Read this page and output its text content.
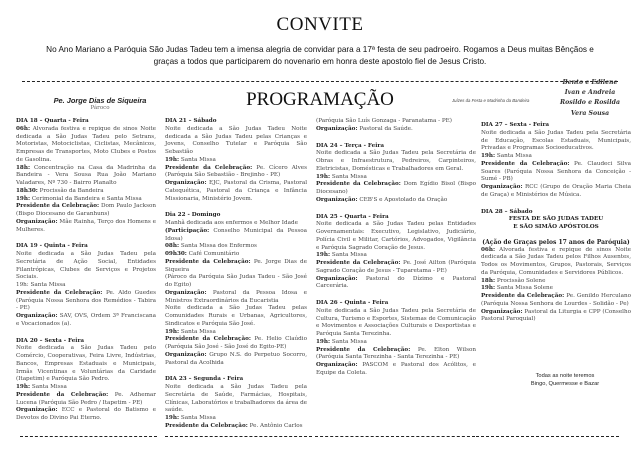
CONVITE
No Ano Mariano a Paróquia São Judas Tadeu tem a imensa alegria de convidar para a 17ª festa de seu padroeiro. Rogamos a Deus muitas Bênçãos e
graças a todos que participarem do novenario em honra deste apostolo fiel de Jesus Cristo.
Pe. Jorge Dias de Siqueira
Pároco	PROGRAMAÇÃO	Juízes da Festa e Madrinha da Bandeira
Bento e Edilene
Ivan e Andreia
Rosildo e Rosilda
Vera Sousa

DIA 18 – Quarta - Feira

06h: Alvorada festiva e repique de sinos Noite dedicada a São Judas Tadeu pelo Setrans, Motoristas, Motociclistas, Ciclistas, Mecânicos, Empresas de Transportes, Moto Clubes e Postos de Gasolina.

18h: Concentração na Casa da Madrinha da Bandeira - Vera Sousa Rua João Mariano Valadares, Nº 730 - Bairro Planalto

18h30: Procissão da Bandeira

19h: Cerimonial da Bandeira e Santa Missa

Presidente da Celebração: Dom Paulo Jackson (Bispo Diocesano de Garanhuns)

Organização: Mãe Rainha, Terço dos Homens e Mulheres.

DIA 19 - Quinta - Feira

Noite dedicada a São Judas Tadeu pela Secretária de Ação Social, Entidades Filantrópicas, Clubes de Serviços e Projetos Sociais.

19h: Santa Missa

Presidente da Celebração: Pe. Aldo Guedes (Paróquia Nossa Senhora dos Remédios - Tabira - PE)

Organização: SAV, OVS, Ordem 3ª Franciscana e Vocacionados (a).

DIA 20 – Sexta - Feira

Noite dedicada a São Judas Tadeu pelo Comércio, Cooperativas, Feira Livre, Indústrias, Bancos, Empresas Estaduais e Municipais, Irmãs Vicentinas e Voluntárias da Caridade (Itapetim) e Paróquia São Pedro.

19h: Santa Missa

Presidente da Celebração: Pe. Adhemar Lucena (Paróquia São Pedro / Itapetim - PE)

Organização: ECC e Pastoral do Batismo e Devotos do Divino Pai Eterno.

DIA 21 – Sábado

Noite dedicada a São Judas Tadeu Noite dedicada a São Judas Tadeu pelas Crianças e Jovens, Conselho Tutelar e Paróquia São Sebastião

19h: Santa Missa

Presidente da Celebração: Pe. Cícero Alves (Paróquia São Sebastião - Brejinho - PE)

Organização: EJC, Pastoral da Crisma, Pastoral Catequética, Pastoral da Criança e Infância Missionaria, Ministério Jovem.

Dia 22 - Domingo

Manhã dedicada aos enfermos e Melhor Idade

(Participação: Conselho Municipal da Pessoa Idosa)

08h: Santa Missa dos Enfermos

09h30: Café Comunitário

Presidente da Celebração: Pe. Jorge Dias de Siqueira

(Pároco da Paróquia São Judas Tadeu - São José do Egito)

Organização: Pastoral da Pessoa Idosa e Ministros Extraordinários da Eucaristia

Noite dedicada a São Judas Tadeu pelas Comunidades Rurais e Urbanas, Agricultores, Sindicatos e Paróquia São José.

19h: Santa Missa

Presidente da Celebração: Pe. Helio Claúdio (Paróquia São José - São José do Egito-PE)

Organização: Grupo N.S. do Perpetuo Socorro, Pastoral da Acolhida

DIA 23 – Segunda - Feira

Noite dedicada a São Judas Tadeu pela Secretária de Saúde, Farmácias, Hospitais, Clínicas, Laboratórios e trabalhadores da área de saúde.

19h: Santa Missa

Presidente da Celebração: Pe. Antônio Carlos

(Paróquia São Luís Gonzaga - Paranatama - PE)

Organização: Pastoral da Saúde.

DIA 24 – Terça - Feira

Noite dedicada a São Judas Tadeu pela Secretária de Obras e Infraestrutura, Pedreiros, Carpinteiros, Eletricistas, Domésticas e Trabalhadores em Geral.

19h: Santa Missa

Presidente da Celebração: Dom Egídio Bisol (Bispo Diocesano)

Organização: CEB'S e Apostolado da Oração

DIA 25 – Quarta - Feira

Noite dedicada a São Judas Tadeu pelas Entidades Governamentais: Executivo, Legislativo, Judiciário, Polícia Civil e Militar, Cartórios, Advogados, Vigilância e Paróquia Sagrado Coração de Jesus.

19h: Santa Missa

Presidente da Celebração: Pe. José Ailton (Paróquia Sagrado Coração de Jesus - Tuparetama - PE)

Organização: Pastoral do Dízimo e Pastoral Carcerária.

DIA 26 – Quinta - Feira

Noite dedicada a São Judas Tadeu pela Secretária de Cultura, Turismo e Esportes, Sistemas de Comunicação e Movimentos e Associações Culturais e Desportistas e Paróquia Santa Terezinha.

19h: Santa Missa

Presidente da Celebração: Pe. Elton Wilson (Paróquia Santa Terezinha - Santa Terezinha - PE)

Organização: PASCOM e Pastoral dos Acólitos, e Equipe da Coleta.

DIA 27 – Sexta - Feira

Noite dedicada a São Judas Tadeu pela Secretária de Educação, Escolas Estaduais, Municipais, Privadas e Programas Socioeducativos.

19h: Santa Missa

Presidente da Celebração: Pe. Claudeci Silva Soares (Paróquia Nossa Senhora da Conceição - Sumé - PB)

Organização: RCC (Grupo de Oração Maria Cheia de Graça) e Ministérios de Música.

DIA 28 – Sábado

FESTA DE SÃO JUDAS TADEU

E SÃO SIMÃO APÓSTOLOS

(Ação de Graças pelos 17 anos de Paróquia)

06h: Alvorada festiva e repique de sinos Noite dedicada a São Judas Tadeu pelos Filhos Ausentes, Todos os Movimentos, Grupos, Pastorais, Serviços da Paróquia, Comunidades e Servidores Públicos.

18h: Procissão Solene

19h: Santa Missa Solene

Presidente da Celebração: Pe. Genildo Herculano (Paróquia Nossa Senhora de Lourdes - Solidão - Pe)

Organização: Pastoral da Liturgia e CPP (Conselho Pastoral Paroquial)

Todas as noite teremos
Bingo, Quermesse e Bazar
